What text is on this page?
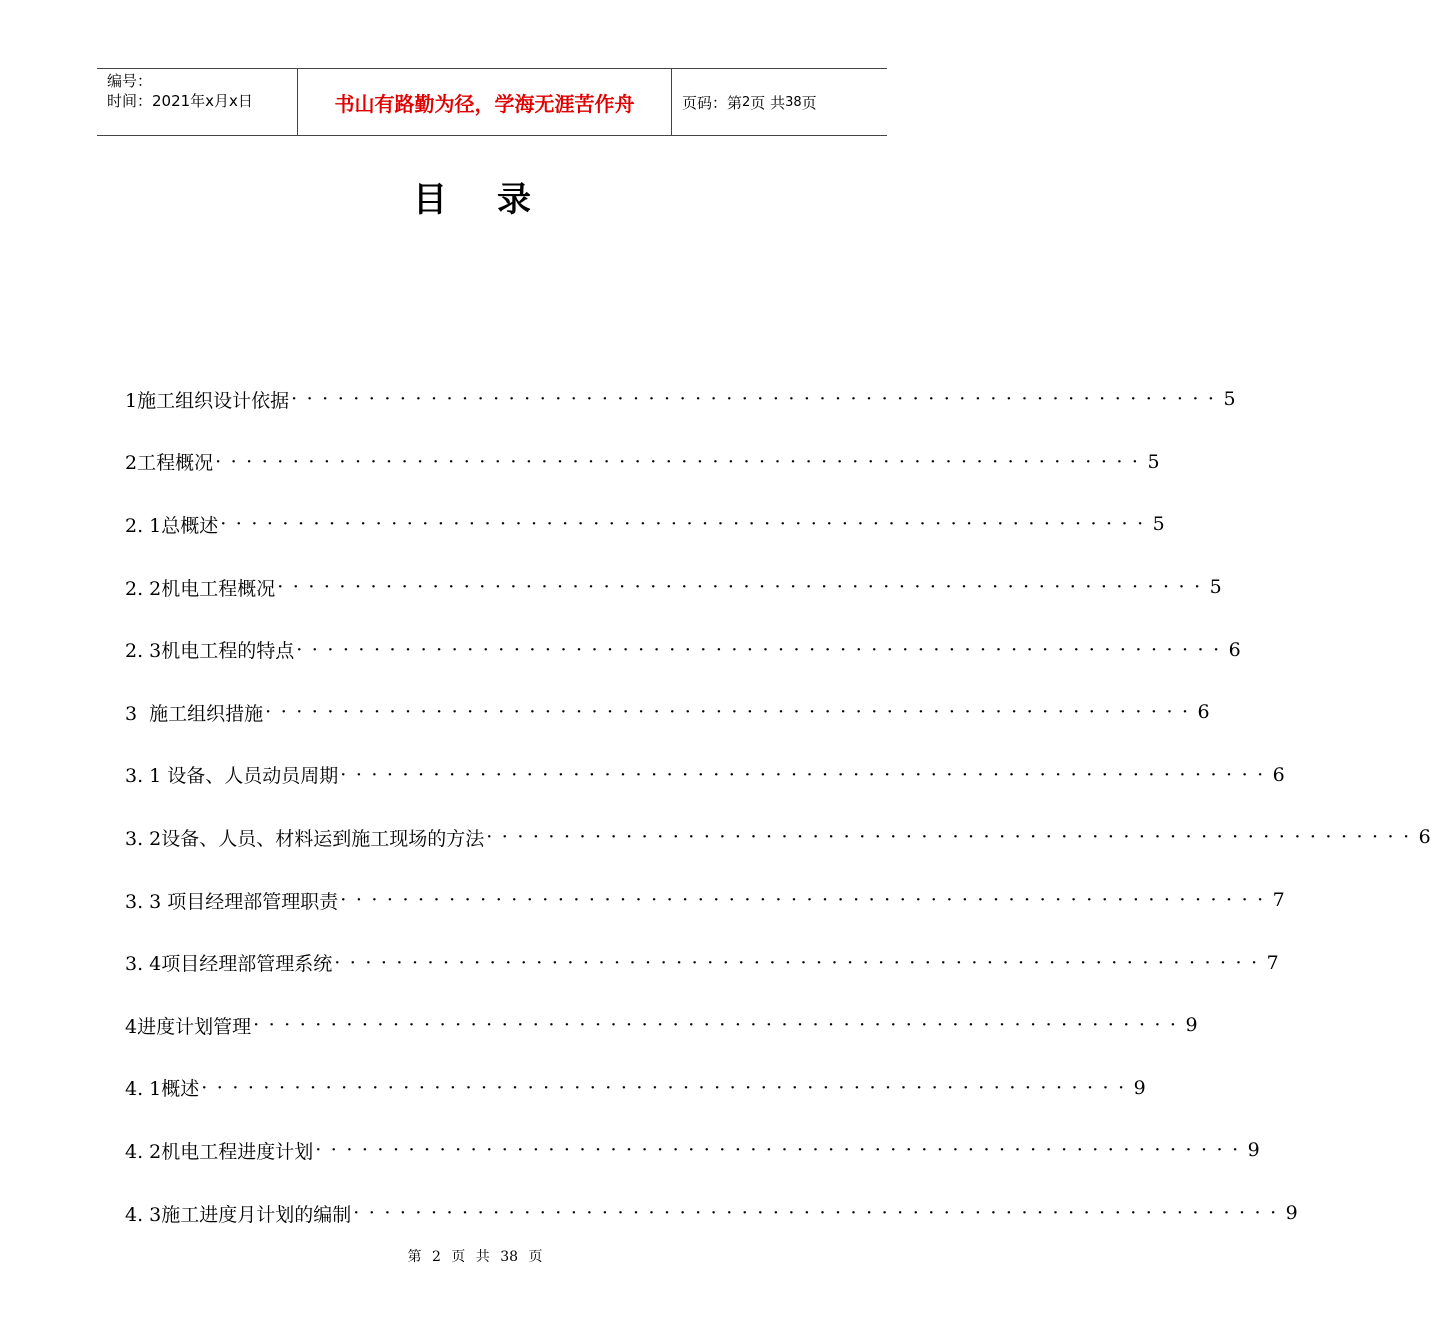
编号：
时间：2021年x月x日	书山有路勤为径，学海无涯苦作舟	页码：第 2 页 共 38 页
目录
1施工组织设计依据 ···························································· 5
2工程概况 ···························································· 5
2. 1总概述 ···························································· 5
2. 2机电工程概况 ···························································· 5
2. 3机电工程的特点 ···························································· 6
3  施工组织措施 ···························································· 6
3. 1 设备、人员动员周期 ···························································· 6
3. 2设备、人员、材料运到施工现场的方法 ···························································· 6
3. 3 项目经理部管理职责 ···························································· 7
3. 4项目经理部管理系统 ···························································· 7
4进度计划管理 ···························································· 9
4. 1概述 ···························································· 9
4. 2机电工程进度计划 ···························································· 9
4. 3施工进度月计划的编制 ···························································· 9
第 2 页 共 38 页
